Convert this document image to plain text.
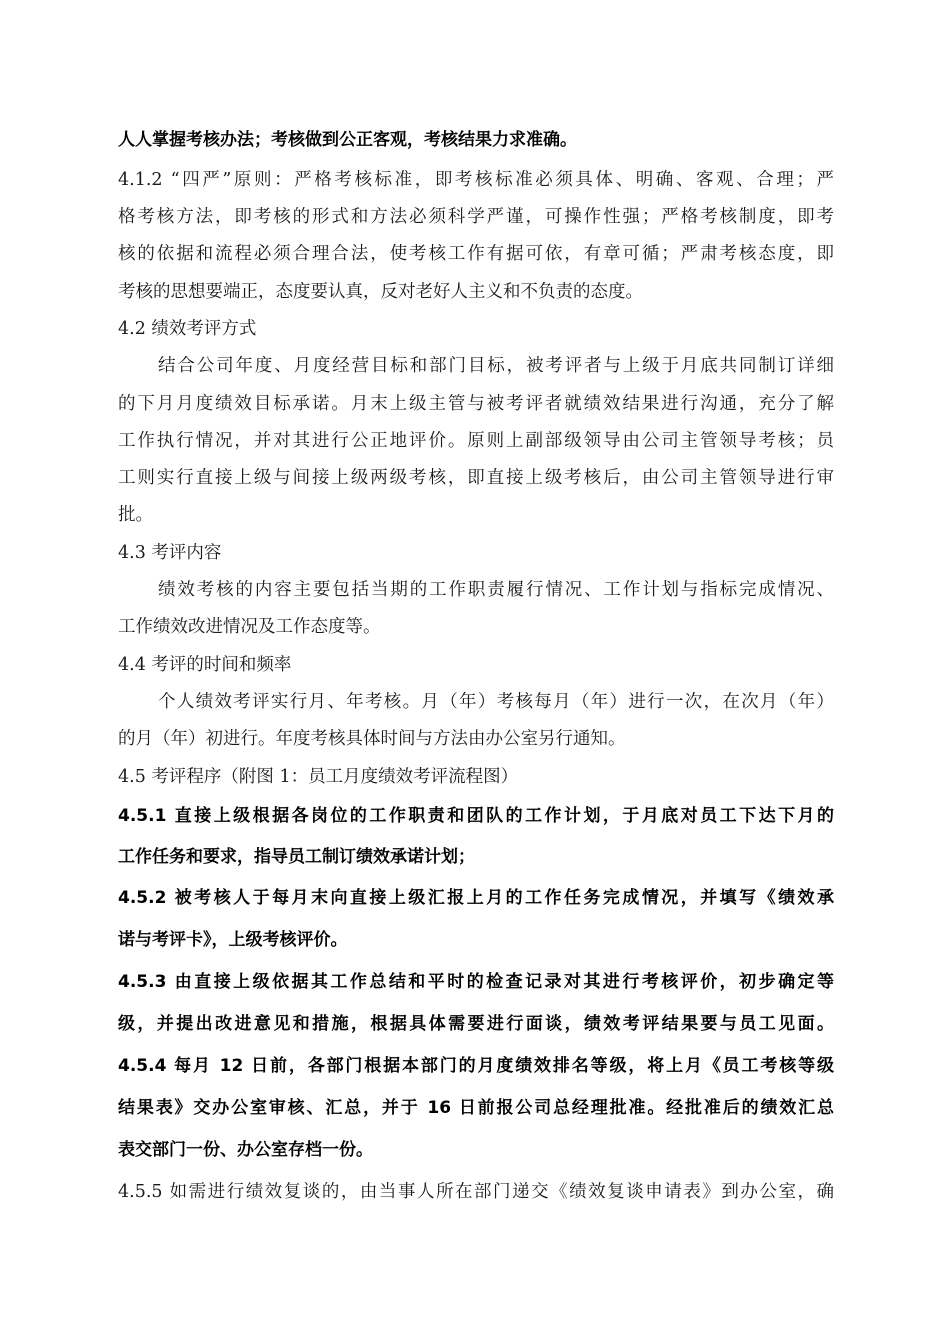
人人掌握考核办法；考核做到公正客观，考核结果力求准确。
4.1.2 “四严”原则：严格考核标准，即考核标准必须具体、明确、客观、合理；严
格考核方法，即考核的形式和方法必须科学严谨，可操作性强；严格考核制度，即考
核的依据和流程必须合理合法，使考核工作有据可依，有章可循；严肃考核态度，即
考核的思想要端正，态度要认真，反对老好人主义和不负责的态度。
4.2 绩效考评方式
结合公司年度、月度经营目标和部门目标，被考评者与上级于月底共同制订详细
的下月月度绩效目标承诺。月末上级主管与被考评者就绩效结果进行沟通，充分了解
工作执行情况，并对其进行公正地评价。原则上副部级领导由公司主管领导考核；员
工则实行直接上级与间接上级两级考核，即直接上级考核后，由公司主管领导进行审
批。
4.3 考评内容
绩效考核的内容主要包括当期的工作职责履行情况、工作计划与指标完成情况、
工作绩效改进情况及工作态度等。
4.4 考评的时间和频率
个人绩效考评实行月、年考核。月（年）考核每月（年）进行一次，在次月（年）
的月（年）初进行。年度考核具体时间与方法由办公室另行通知。
4.5 考评程序（附图 1：员工月度绩效考评流程图）
4.5.1 直接上级根据各岗位的工作职责和团队的工作计划，于月底对员工下达下月的
工作任务和要求，指导员工制订绩效承诺计划；
4.5.2 被考核人于每月末向直接上级汇报上月的工作任务完成情况，并填写《绩效承
诺与考评卡》，上级考核评价。
4.5.3 由直接上级依据其工作总结和平时的检查记录对其进行考核评价，初步确定等
级，并提出改进意见和措施，根据具体需要进行面谈，绩效考评结果要与员工见面。
4.5.4 每月 12 日前，各部门根据本部门的月度绩效排名等级，将上月《员工考核等级
结果表》交办公室审核、汇总，并于 16 日前报公司总经理批准。经批准后的绩效汇总
表交部门一份、办公室存档一份。
4.5.5 如需进行绩效复谈的，由当事人所在部门递交《绩效复谈申请表》到办公室，确
